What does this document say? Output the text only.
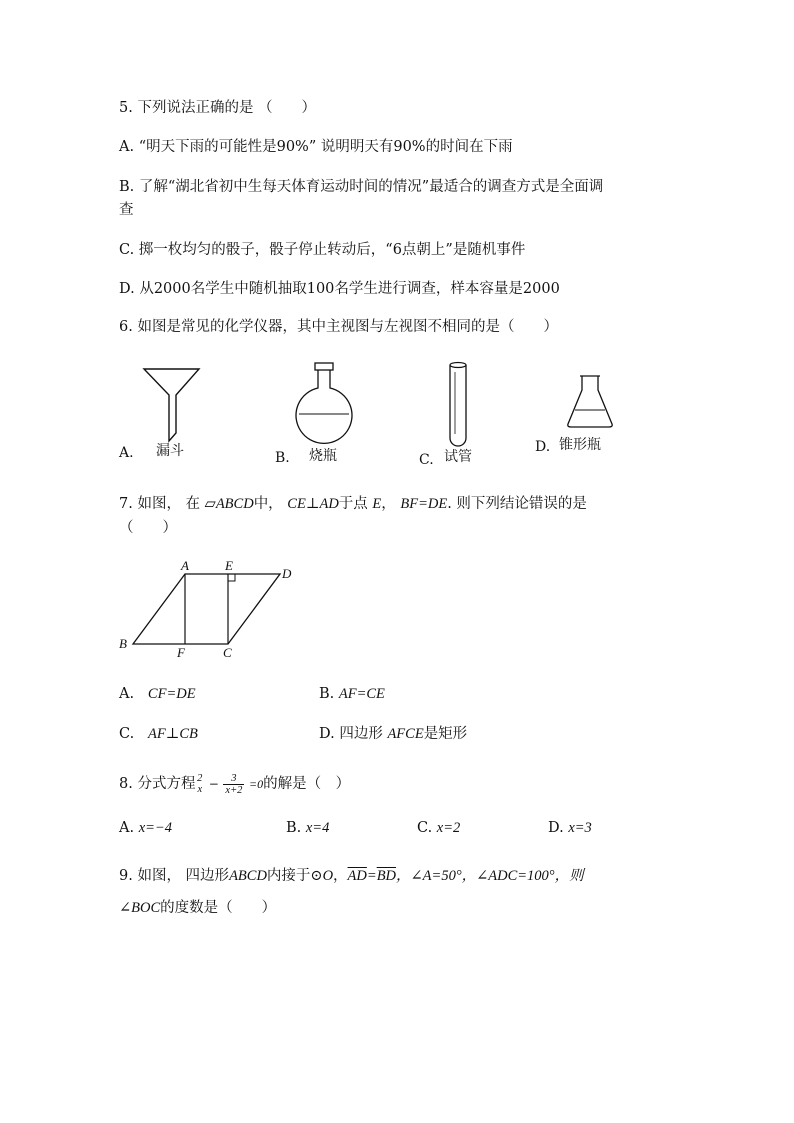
5. 下列说法正确的是 （　　）
A. “明天下雨的可能性是90%” 说明明天有90%的时间在下雨
B. 了解“湖北省初中生每天体育运动时间的情况”最适合的调查方式是全面调
查
C. 掷一枚均匀的骰子，骰子停止转动后，“6点朝上”是随机事件
D. 从2000名学生中随机抽取100名学生进行调查，样本容量是2000
6. 如图是常见的化学仪器，其中主视图与左视图不相同的是（　　）
A. 漏斗	B. 烧瓶	C. 试管
D. 锥形瓶
7. 如图， 在 ▱ABCD中， CE⊥AD于点 E， BF=DE. 则下列结论错误的是
（　　）
A	E
D
B
F	C
A. CF=DE	B. AF=CE
C. AF⊥CB	D. 四边形 AFCE是矩形
8. 分式方程 2
$x - \frac{3}{x+2} =0$的解是（　）
A. x=−4	B. x=4	C. x=2	D. x=3
9. 如图， 四边形ABCD内接于⊙O，$\overline{AD}=\overline{BD}$，∠A=50°，∠ADC=100°，则
∠BOC的度数是（　　）
